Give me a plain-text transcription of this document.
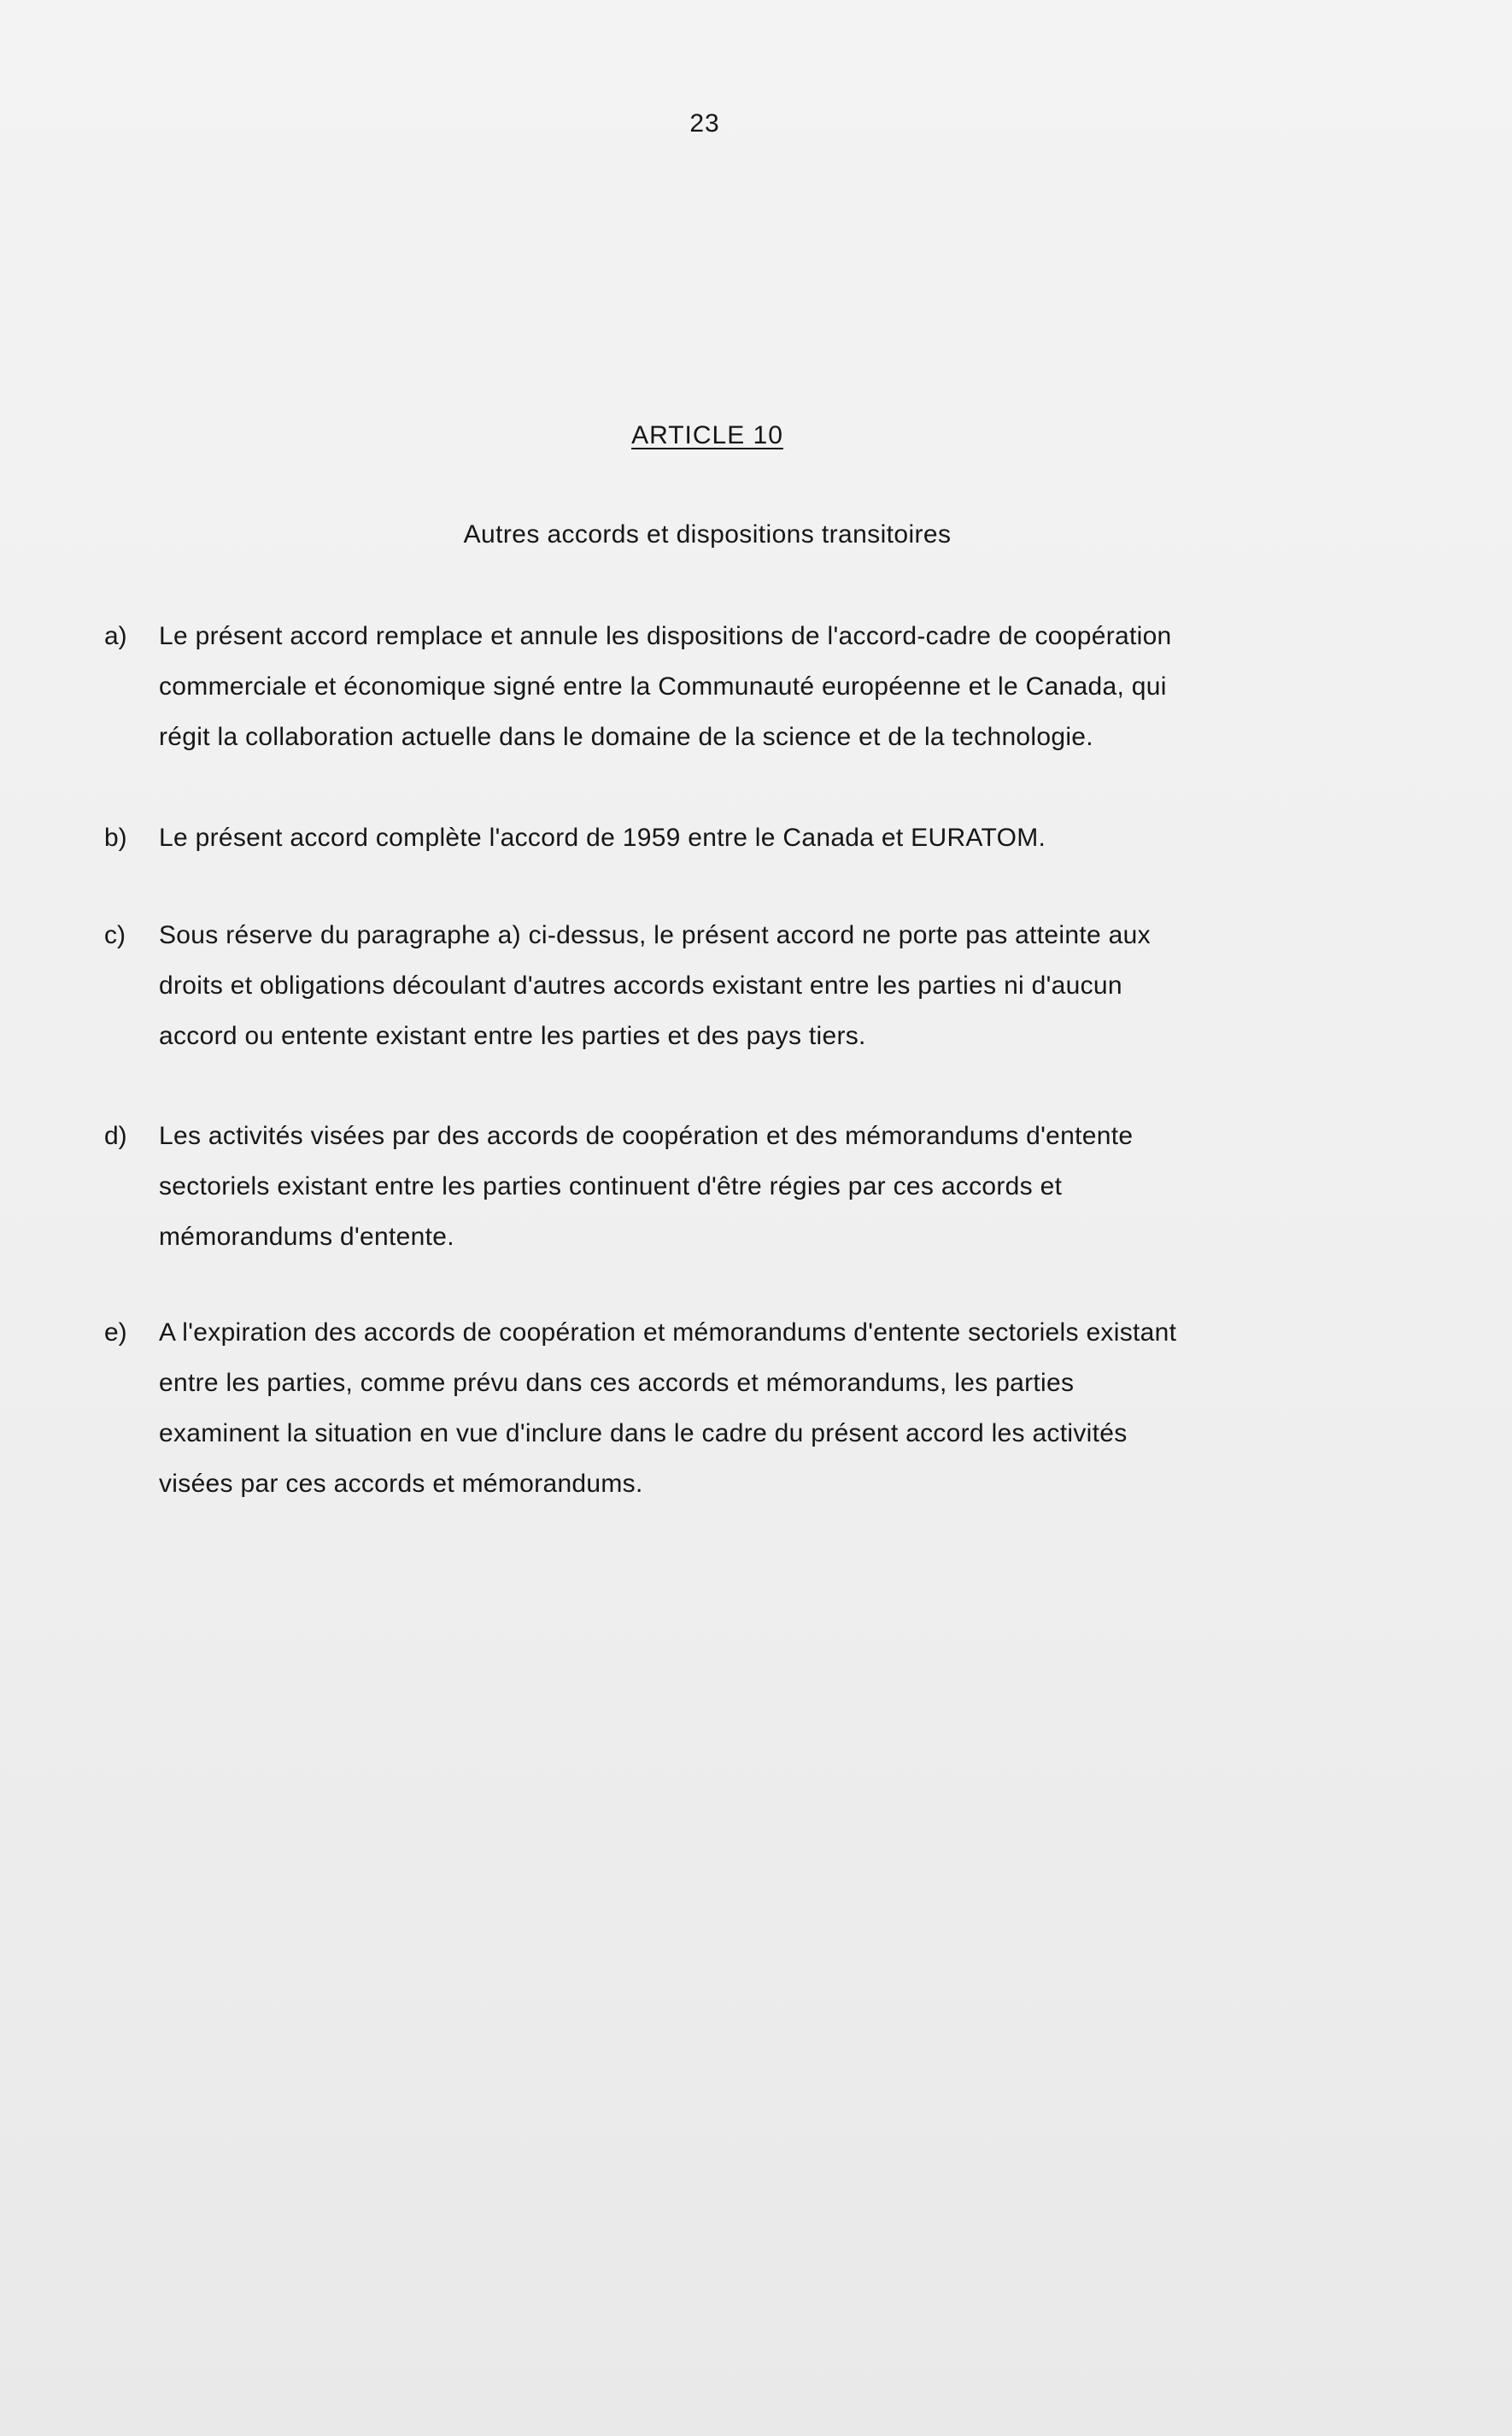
23
ARTICLE 10
Autres accords et dispositions transitoires
a)	Le présent accord remplace et annule les dispositions de l'accord-cadre de coopération
commerciale et économique signé entre la Communauté européenne et le Canada, qui
régit la collaboration actuelle dans le domaine de la science et de la technologie.
b)	Le présent accord complète l'accord de 1959 entre le Canada et EURATOM.
c)	Sous réserve du paragraphe a) ci-dessus, le présent accord ne porte pas atteinte aux
droits et obligations découlant d'autres accords existant entre les parties ni d'aucun
accord ou entente existant entre les parties et des pays tiers.
d)	Les activités visées par des accords de coopération et des mémorandums d'entente
sectoriels existant entre les parties continuent d'être régies par ces accords et
mémorandums d'entente.
e)	A l'expiration des accords de coopération et mémorandums d'entente sectoriels existant
entre les parties, comme prévu dans ces accords et mémorandums, les parties
examinent la situation en vue d'inclure dans le cadre du présent accord les activités
visées par ces accords et mémorandums.
